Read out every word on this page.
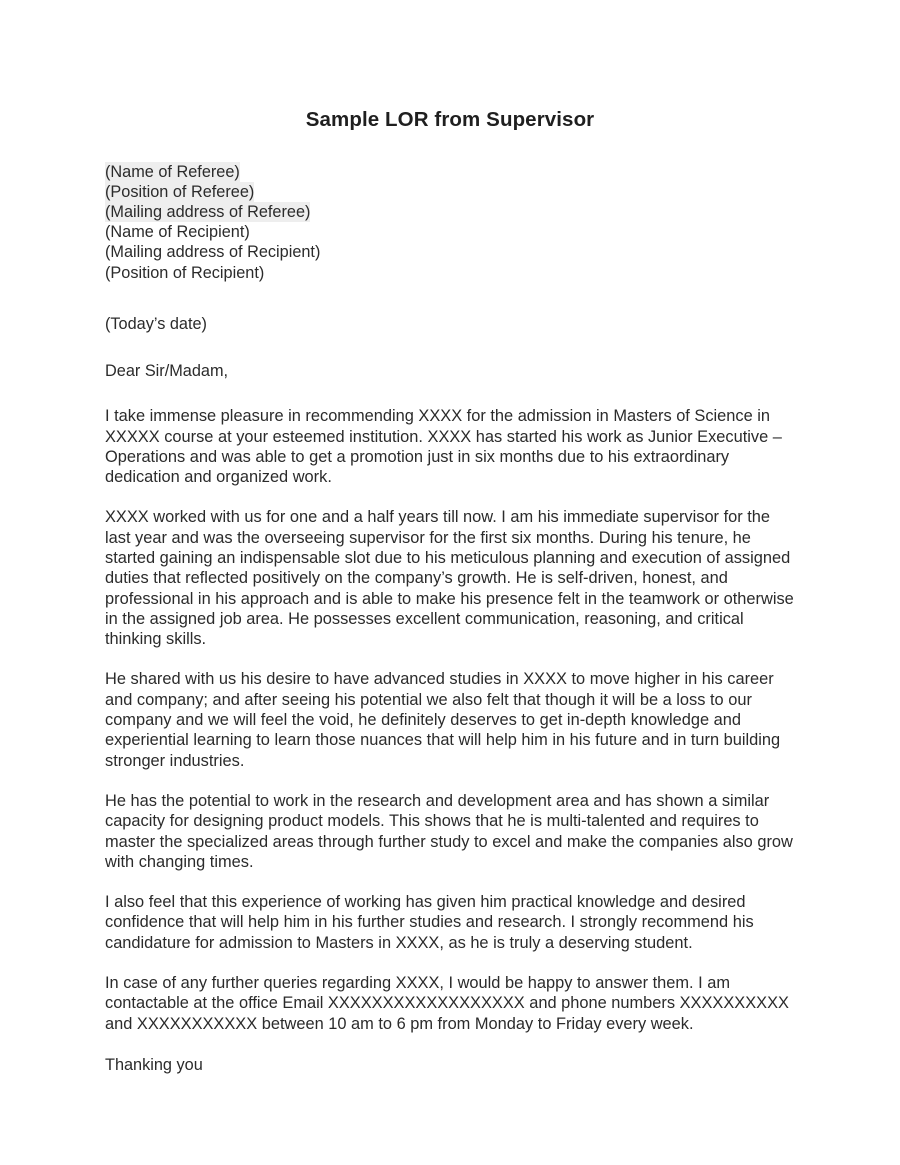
Sample LOR from Supervisor
(Name of Referee)
(Position of Referee)
(Mailing address of Referee)
(Name of Recipient)
(Mailing address of Recipient)
(Position of Recipient)
(Today’s date)
Dear Sir/Madam,

I take immense pleasure in recommending XXXX for the admission in Masters of Science in XXXXX course at your esteemed institution. XXXX has started his work as Junior Executive –Operations and was able to get a promotion just in six months due to his extraordinary dedication and organized work.

XXXX worked with us for one and a half years till now. I am his immediate supervisor for the last year and was the overseeing supervisor for the first six months. During his tenure, he started gaining an indispensable slot due to his meticulous planning and execution of assigned duties that reflected positively on the company’s growth. He is self-driven, honest, and professional in his approach and is able to make his presence felt in the teamwork or otherwise in the assigned job area. He possesses excellent communication, reasoning, and critical thinking skills.

He shared with us his desire to have advanced studies in XXXX to move higher in his career and company; and after seeing his potential we also felt that though it will be a loss to our company and we will feel the void, he definitely deserves to get in-depth knowledge and experiential learning to learn those nuances that will help him in his future and in turn building stronger industries.

He has the potential to work in the research and development area and has shown a similar capacity for designing product models. This shows that he is multi-talented and requires to master the specialized areas through further study to excel and make the companies also grow with changing times.

I also feel that this experience of working has given him practical knowledge and desired confidence that will help him in his further studies and research. I strongly recommend his candidature for admission to Masters in XXXX, as he is truly a deserving student.

In case of any further queries regarding XXXX, I would be happy to answer them. I am contactable at the office Email XXXXXXXXXXXXXXXXXX and phone numbers XXXXXXXXXX and XXXXXXXXXXX between 10 am to 6 pm from Monday to Friday every week.

Thanking you
